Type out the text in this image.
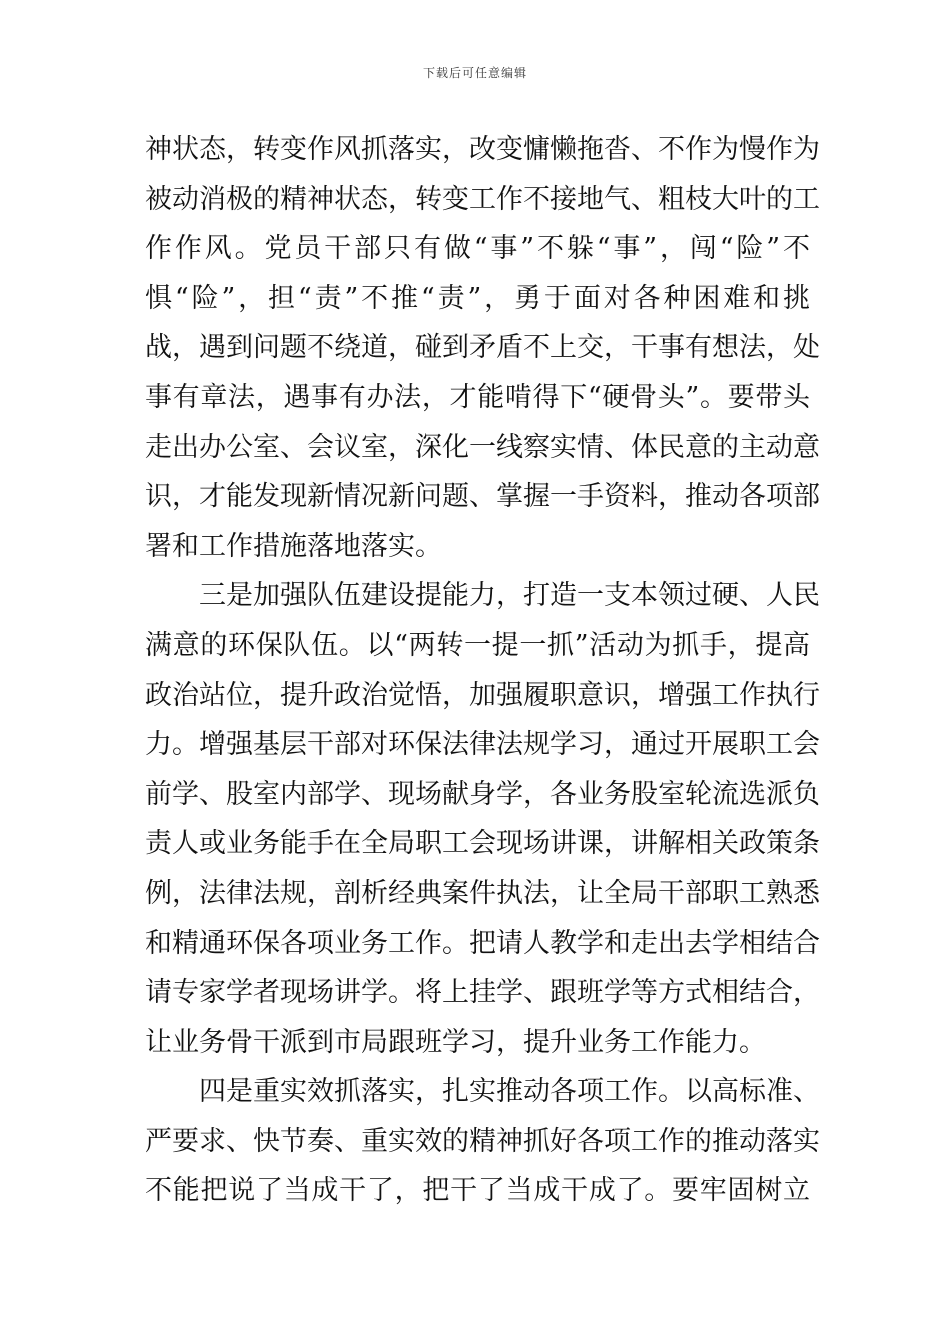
下载后可任意编辑
神状态，转变作风抓落实，改变慵懒拖沓、不作为慢作为
被动消极的精神状态，转变工作不接地气、粗枝大叶的工
作作风。党员干部只有做“事”不躲“事”，闯“险”不
惧“险”，担“责”不推“责”，勇于面对各种困难和挑
战，遇到问题不绕道，碰到矛盾不上交，干事有想法，处
事有章法，遇事有办法，才能啃得下“硬骨头”。要带头
走出办公室、会议室，深化一线察实情、体民意的主动意
识，才能发现新情况新问题、掌握一手资料，推动各项部
署和工作措施落地落实。
三是加强队伍建设提能力，打造一支本领过硬、人民
满意的环保队伍。以“两转一提一抓”活动为抓手，提高
政治站位，提升政治觉悟，加强履职意识，增强工作执行
力。增强基层干部对环保法律法规学习，通过开展职工会
前学、股室内部学、现场献身学，各业务股室轮流选派负
责人或业务能手在全局职工会现场讲课，讲解相关政策条
例，法律法规，剖析经典案件执法，让全局干部职工熟悉
和精通环保各项业务工作。把请人教学和走出去学相结合
请专家学者现场讲学。将上挂学、跟班学等方式相结合，
让业务骨干派到市局跟班学习，提升业务工作能力。
四是重实效抓落实，扎实推动各项工作。以高标准、
严要求、快节奏、重实效的精神抓好各项工作的推动落实
不能把说了当成干了，把干了当成干成了。要牢固树立
